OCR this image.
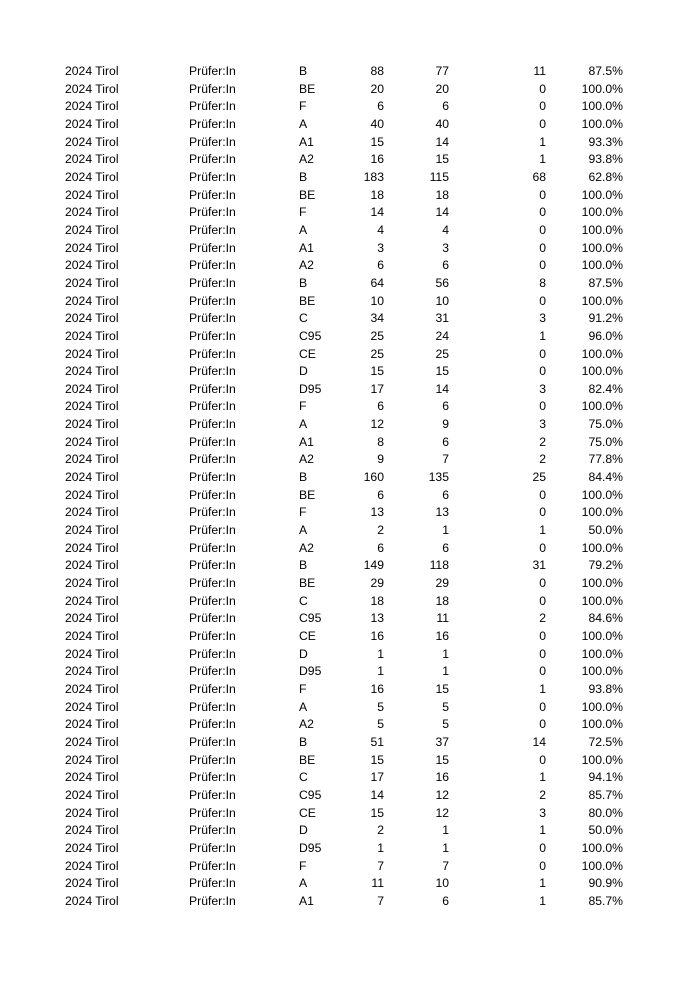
2024 Tirol	Prüfer:In	B	88	77	11	87.5%
2024 Tirol	Prüfer:In	BE	20	20	0	100.0%
2024 Tirol	Prüfer:In	F	6	6	0	100.0%
2024 Tirol	Prüfer:In	A	40	40	0	100.0%
2024 Tirol	Prüfer:In	A1	15	14	1	93.3%
2024 Tirol	Prüfer:In	A2	16	15	1	93.8%
2024 Tirol	Prüfer:In	B	183	115	68	62.8%
2024 Tirol	Prüfer:In	BE	18	18	0	100.0%
2024 Tirol	Prüfer:In	F	14	14	0	100.0%
2024 Tirol	Prüfer:In	A	4	4	0	100.0%
2024 Tirol	Prüfer:In	A1	3	3	0	100.0%
2024 Tirol	Prüfer:In	A2	6	6	0	100.0%
2024 Tirol	Prüfer:In	B	64	56	8	87.5%
2024 Tirol	Prüfer:In	BE	10	10	0	100.0%
2024 Tirol	Prüfer:In	C	34	31	3	91.2%
2024 Tirol	Prüfer:In	C95	25	24	1	96.0%
2024 Tirol	Prüfer:In	CE	25	25	0	100.0%
2024 Tirol	Prüfer:In	D	15	15	0	100.0%
2024 Tirol	Prüfer:In	D95	17	14	3	82.4%
2024 Tirol	Prüfer:In	F	6	6	0	100.0%
2024 Tirol	Prüfer:In	A	12	9	3	75.0%
2024 Tirol	Prüfer:In	A1	8	6	2	75.0%
2024 Tirol	Prüfer:In	A2	9	7	2	77.8%
2024 Tirol	Prüfer:In	B	160	135	25	84.4%
2024 Tirol	Prüfer:In	BE	6	6	0	100.0%
2024 Tirol	Prüfer:In	F	13	13	0	100.0%
2024 Tirol	Prüfer:In	A	2	1	1	50.0%
2024 Tirol	Prüfer:In	A2	6	6	0	100.0%
2024 Tirol	Prüfer:In	B	149	118	31	79.2%
2024 Tirol	Prüfer:In	BE	29	29	0	100.0%
2024 Tirol	Prüfer:In	C	18	18	0	100.0%
2024 Tirol	Prüfer:In	C95	13	11	2	84.6%
2024 Tirol	Prüfer:In	CE	16	16	0	100.0%
2024 Tirol	Prüfer:In	D	1	1	0	100.0%
2024 Tirol	Prüfer:In	D95	1	1	0	100.0%
2024 Tirol	Prüfer:In	F	16	15	1	93.8%
2024 Tirol	Prüfer:In	A	5	5	0	100.0%
2024 Tirol	Prüfer:In	A2	5	5	0	100.0%
2024 Tirol	Prüfer:In	B	51	37	14	72.5%
2024 Tirol	Prüfer:In	BE	15	15	0	100.0%
2024 Tirol	Prüfer:In	C	17	16	1	94.1%
2024 Tirol	Prüfer:In	C95	14	12	2	85.7%
2024 Tirol	Prüfer:In	CE	15	12	3	80.0%
2024 Tirol	Prüfer:In	D	2	1	1	50.0%
2024 Tirol	Prüfer:In	D95	1	1	0	100.0%
2024 Tirol	Prüfer:In	F	7	7	0	100.0%
2024 Tirol	Prüfer:In	A	11	10	1	90.9%
2024 Tirol	Prüfer:In	A1	7	6	1	85.7%
